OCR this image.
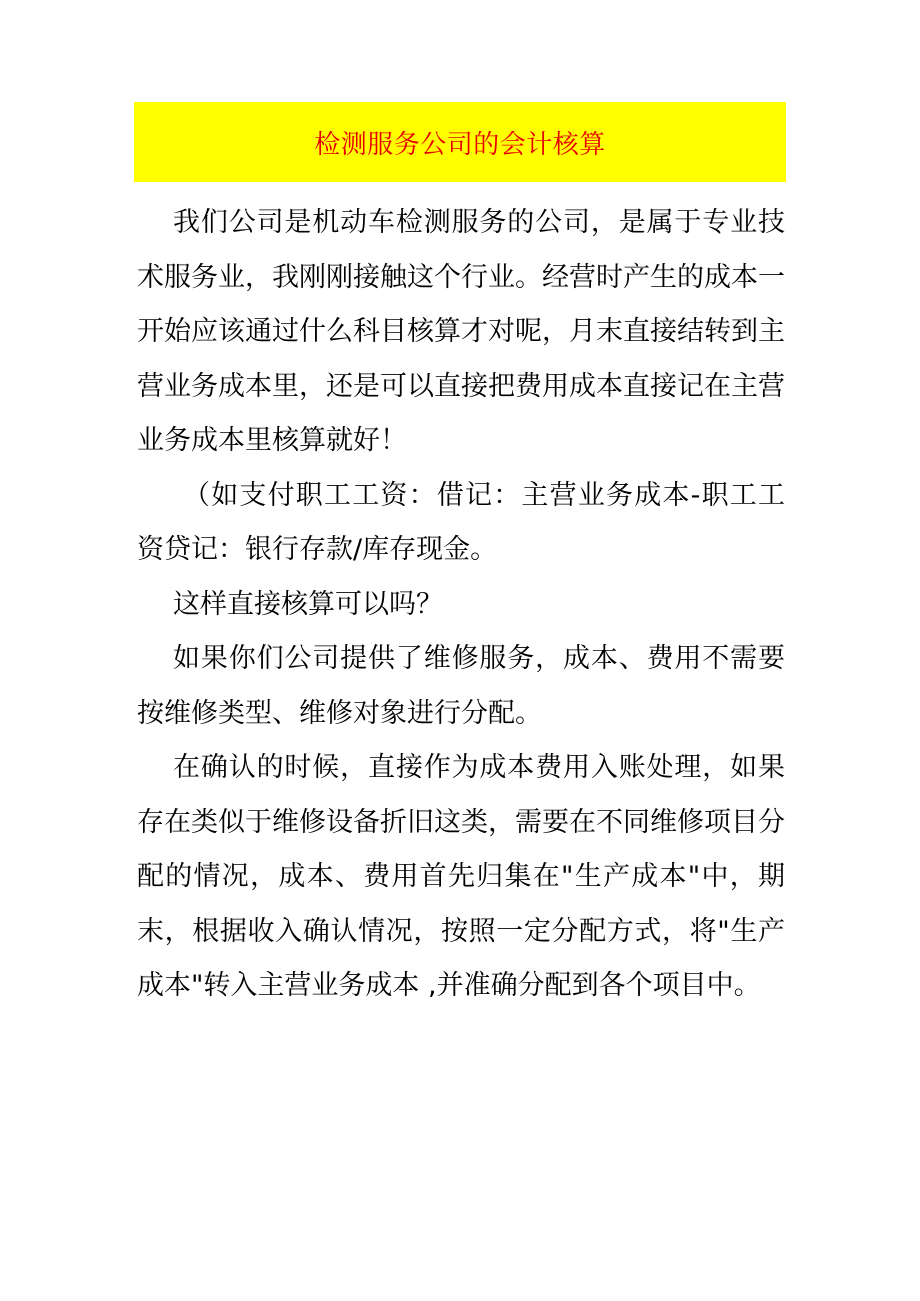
检测服务公司的会计核算

我们公司是机动车检测服务的公司，是属于专业技术服务业，我刚刚接触这个行业。经营时产生的成本一开始应该通过什么科目核算才对呢，月末直接结转到主营业务成本里，还是可以直接把费用成本直接记在主营业务成本里核算就好！

（如支付职工工资：借记：主营业务成本-职工工资贷记：银行存款/库存现金。

这样直接核算可以吗？

如果你们公司提供了维修服务，成本、费用不需要按维修类型、维修对象进行分配。

在确认的时候，直接作为成本费用入账处理，如果存在类似于维修设备折旧这类，需要在不同维修项目分配的情况，成本、费用首先归集在"生产成本"中，期末，根据收入确认情况，按照一定分配方式，将"生产成本"转入主营业务成本 ,并准确分配到各个项目中。
